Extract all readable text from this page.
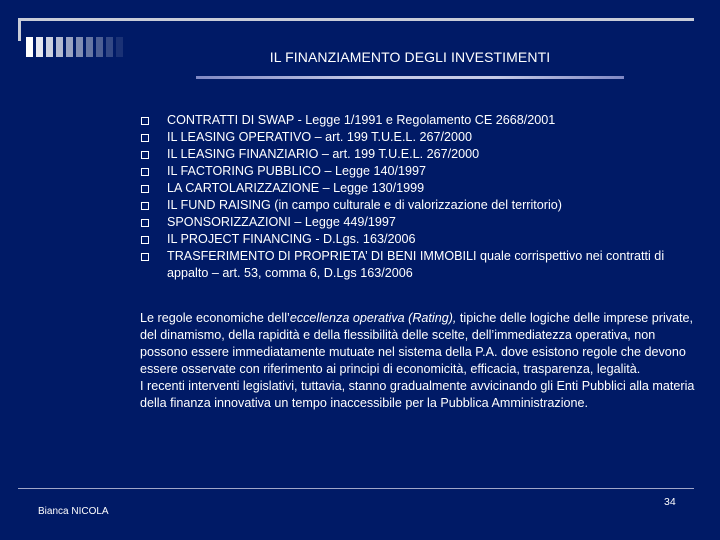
IL FINANZIAMENTO DEGLI INVESTIMENTI
CONTRATTI DI SWAP - Legge 1/1991 e Regolamento CE 2668/2001
IL LEASING OPERATIVO – art. 199 T.U.E.L. 267/2000
IL LEASING FINANZIARIO – art. 199 T.U.E.L. 267/2000
IL FACTORING PUBBLICO – Legge 140/1997
LA CARTOLARIZZAZIONE – Legge 130/1999
IL FUND RAISING (in campo culturale e di valorizzazione del territorio)
SPONSORIZZAZIONI – Legge 449/1997
IL PROJECT FINANCING - D.Lgs. 163/2006
TRASFERIMENTO DI PROPRIETA’ DI BENI IMMOBILI quale corrispettivo nei contratti di appalto – art. 53, comma 6, D.Lgs 163/2006

Le regole economiche dell’eccellenza operativa (Rating), tipiche delle logiche delle imprese private, del dinamismo, della rapidità e della flessibilità delle scelte, dell’immediatezza operativa, non possono essere immediatamente mutuate nel sistema della P.A. dove esistono regole che devono essere osservate con riferimento ai principi di economicità, efficacia, trasparenza, legalità.

I recenti interventi legislativi, tuttavia, stanno gradualmente avvicinando gli Enti Pubblici alla materia della finanza innovativa un tempo inaccessibile per la Pubblica Amministrazione.

Bianca NICOLA
34
